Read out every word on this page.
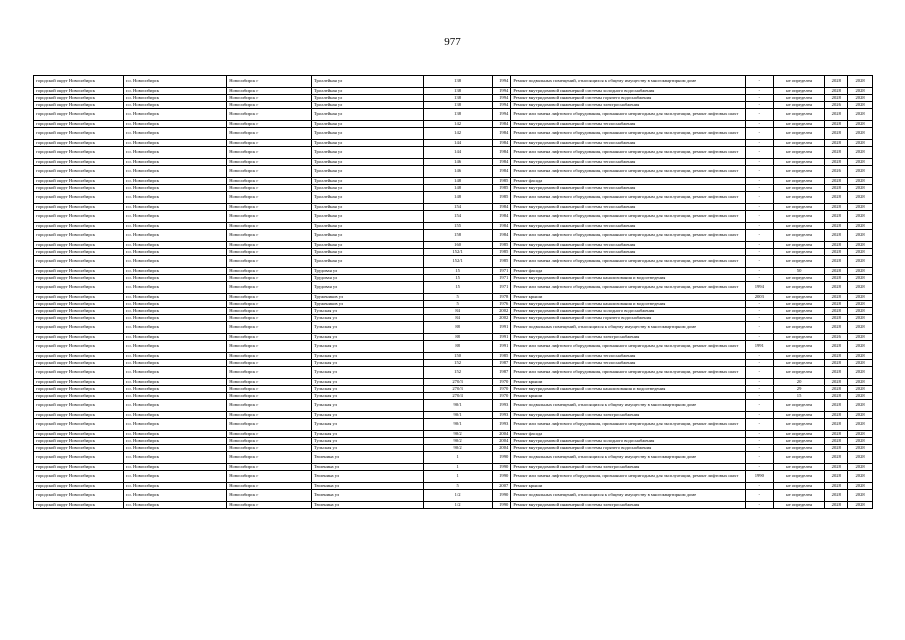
977
городской округ Новосибирск	г.о. Новосибирск	Новосибирск г	Троллейная ул	138	1994	Ремонт подвальных помещений, относящихся к общему имуществу в многоквартирном доме	-	не определен	2028	2028
городской округ Новосибирск	г.о. Новосибирск	Новосибирск г	Троллейная ул	138	1994	Ремонт внутридомовой инженерной системы холодного водоснабжения	-	не определен	2028	2028
городской округ Новосибирск	г.о. Новосибирск	Новосибирск г	Троллейная ул	138	1994	Ремонт внутридомовой инженерной системы горячего водоснабжения	-	не определен	2028	2028
городской округ Новосибирск	г.о. Новосибирск	Новосибирск г	Троллейная ул	138	1994	Ремонт внутридомовой инженерной системы электроснабжения	-	не определен	2026	2028
городской округ Новосибирск	г.о. Новосибирск	Новосибирск г	Троллейная ул	138	1994	Ремонт или замена лифтового оборудования, признанного непригодным для эксплуатации, ремонт лифтовых шахт	-	не определен	2028	2028
городской округ Новосибирск	г.о. Новосибирск	Новосибирск г	Троллейная ул	142	1984	Ремонт внутридомовой инженерной системы теплоснабжения	-	не определен	2028	2028
городской округ Новосибирск	г.о. Новосибирск	Новосибирск г	Троллейная ул	142	1984	Ремонт или замена лифтового оборудования, признанного непригодным для эксплуатации, ремонт лифтовых шахт	-	не определен	2028	2028
городской округ Новосибирск	г.о. Новосибирск	Новосибирск г	Троллейная ул	144	1984	Ремонт внутридомовой инженерной системы теплоснабжения	-	не определен	2028	2028
городской округ Новосибирск	г.о. Новосибирск	Новосибирск г	Троллейная ул	144	1984	Ремонт или замена лифтового оборудования, признанного непригодным для эксплуатации, ремонт лифтовых шахт	-	не определен	2028	2028
городской округ Новосибирск	г.о. Новосибирск	Новосибирск г	Троллейная ул	146	1984	Ремонт внутридомовой инженерной системы теплоснабжения	-	не определен	2028	2028
городской округ Новосибирск	г.о. Новосибирск	Новосибирск г	Троллейная ул	146	1984	Ремонт или замена лифтового оборудования, признанного непригодным для эксплуатации, ремонт лифтовых шахт	-	не определен	2026	2028
городской округ Новосибирск	г.о. Новосибирск	Новосибирск г	Троллейная ул	148	1985	Ремонт фасада	-	не определен	2028	2028
городской округ Новосибирск	г.о. Новосибирск	Новосибирск г	Троллейная ул	148	1985	Ремонт внутридомовой инженерной системы теплоснабжения	-	не определен	2028	2028
городской округ Новосибирск	г.о. Новосибирск	Новосибирск г	Троллейная ул	148	1985	Ремонт или замена лифтового оборудования, признанного непригодным для эксплуатации, ремонт лифтовых шахт	-	не определен	2028	2028
городской округ Новосибирск	г.о. Новосибирск	Новосибирск г	Троллейная ул	154	1984	Ремонт внутридомовой инженерной системы теплоснабжения	-	не определен	2028	2028
городской округ Новосибирск	г.о. Новосибирск	Новосибирск г	Троллейная ул	154	1984	Ремонт или замена лифтового оборудования, признанного непригодным для эксплуатации, ремонт лифтовых шахт	-	не определен	2028	2028
городской округ Новосибирск	г.о. Новосибирск	Новосибирск г	Троллейная ул	155	1984	Ремонт внутридомовой инженерной системы теплоснабжения	-	не определен	2028	2028
городской округ Новосибирск	г.о. Новосибирск	Новосибирск г	Троллейная ул	158	1984	Ремонт или замена лифтового оборудования, признанного непригодным для эксплуатации, ремонт лифтовых шахт	-	не определен	2028	2028
городской округ Новосибирск	г.о. Новосибирск	Новосибирск г	Троллейная ул	160	1985	Ремонт внутридомовой инженерной системы теплоснабжения	-	не определен	2028	2028
городской округ Новосибирск	г.о. Новосибирск	Новосибирск г	Троллейная ул	152/1	1985	Ремонт внутридомовой инженерной системы теплоснабжения	-	не определен	2028	2028
городской округ Новосибирск	г.о. Новосибирск	Новосибирск г	Троллейная ул	152/1	1985	Ремонт или замена лифтового оборудования, признанного непригодным для эксплуатации, ремонт лифтовых шахт	-	не определен	2028	2028
городской округ Новосибирск	г.о. Новосибирск	Новосибирск г	Трудовая ул	15	1971	Ремонт фасада	-	50	2028	2028
городской округ Новосибирск	г.о. Новосибирск	Новосибирск г	Трудовая ул	15	1971	Ремонт внутридомовой инженерной системы канализования и водоотведения	-	не определен	2028	2028
городской округ Новосибирск	г.о. Новосибирск	Новосибирск г	Трудовая ул	15	1971	Ремонт или замена лифтового оборудования, признанного непригодным для эксплуатации, ремонт лифтовых шахт	1994	не определен	2028	2028
городской округ Новосибирск	г.о. Новосибирск	Новосибирск г	Тружеников ул	5	1978	Ремонт крыши	2003	не определен	2028	2028
городской округ Новосибирск	г.о. Новосибирск	Новосибирск г	Тружеников ул	5	1976	Ремонт внутридомовой инженерной системы канализования и водоотведения	-	не определен	2028	2028
городской округ Новосибирск	г.о. Новосибирск	Новосибирск г	Тульская ул	84	2002	Ремонт внутридомовой инженерной системы холодного водоснабжения	-	не определен	2028	2028
городской округ Новосибирск	г.о. Новосибирск	Новосибирск г	Тульская ул	84	2002	Ремонт внутридомовой инженерной системы горячего водоснабжения	-	не определен	2028	2028
городской округ Новосибирск	г.о. Новосибирск	Новосибирск г	Тульская ул	88	1991	Ремонт подвальных помещений, относящихся к общему имуществу в многоквартирном доме	-	не определен	2028	2028
городской округ Новосибирск	г.о. Новосибирск	Новосибирск г	Тульская ул	88	1991	Ремонт внутридомовой инженерной системы электроснабжения	-	не определен	2026	2028
городской округ Новосибирск	г.о. Новосибирск	Новосибирск г	Тульская ул	88	1991	Ремонт или замена лифтового оборудования, признанного непригодным для эксплуатации, ремонт лифтовых шахт	1991	не определен	2028	2028
городской округ Новосибирск	г.о. Новосибирск	Новосибирск г	Тульская ул	150	1985	Ремонт внутридомовой инженерной системы теплоснабжения	-	не определен	2028	2028
городской округ Новосибирск	г.о. Новосибирск	Новосибирск г	Тульская ул	152	1987	Ремонт внутридомовой инженерной системы теплоснабжения	-	не определен	2028	2028
городской округ Новосибирск	г.о. Новосибирск	Новосибирск г	Тульская ул	152	1987	Ремонт или замена лифтового оборудования, признанного непригодным для эксплуатации, ремонт лифтовых шахт	-	не определен	2028	2028
городской округ Новосибирск	г.о. Новосибирск	Новосибирск г	Тульская ул	270/3	1970	Ремонт крыши	-	20	2028	2028
городской округ Новосибирск	г.о. Новосибирск	Новосибирск г	Тульская ул	270/3	1970	Ремонт внутридомовой инженерной системы канализования и водоотведения	-	29	2028	2028
городской округ Новосибирск	г.о. Новосибирск	Новосибирск г	Тульская ул	270/4	1970	Ремонт крыши	-	15	2028	2028
городской округ Новосибирск	г.о. Новосибирск	Новосибирск г	Тульская ул	90/1	1993	Ремонт подвальных помещений, относящихся к общему имуществу в многоквартирном доме	-	не определен	2028	2028
городской округ Новосибирск	г.о. Новосибирск	Новосибирск г	Тульская ул	90/1	1993	Ремонт внутридомовой инженерной системы электроснабжения	-	не определен	2028	2028
городской округ Новосибирск	г.о. Новосибирск	Новосибирск г	Тульская ул	90/1	1993	Ремонт или замена лифтового оборудования, признанного непригодным для эксплуатации, ремонт лифтовых шахт	-	не определен	2028	2028
городской округ Новосибирск	г.о. Новосибирск	Новосибирск г	Тульская ул	90/2	2004	Ремонт фасада	-	не определен	2028	2028
городской округ Новосибирск	г.о. Новосибирск	Новосибирск г	Тульская ул	90/2	2004	Ремонт внутридомовой инженерной системы холодного водоснабжения	-	не определен	2028	2028
городской округ Новосибирск	г.о. Новосибирск	Новосибирск г	Тульская ул	90/2	2004	Ремонт внутридомовой инженерной системы горячего водоснабжения	-	не определен	2028	2028
городской округ Новосибирск	г.о. Новосибирск	Новосибирск г	Тюленина ул	1	1990	Ремонт подвальных помещений, относящихся к общему имуществу в многоквартирном доме	-	не определен	2028	2028
городской округ Новосибирск	г.о. Новосибирск	Новосибирск г	Тюленина ул	1	1990	Ремонт внутридомовой инженерной системы электроснабжения	-	не определен	2028	2028
городской округ Новосибирск	г.о. Новосибирск	Новосибирск г	Тюленина ул	1	1990	Ремонт или замена лифтового оборудования, признанного непригодным для эксплуатации, ремонт лифтовых шахт	1990	не определен	2028	2028
городской округ Новосибирск	г.о. Новосибирск	Новосибирск г	Тюленина ул	5	2007	Ремонт крыши	-	не определен	2028	2028
городской округ Новосибирск	г.о. Новосибирск	Новосибирск г	Тюленина ул	1/2	1990	Ремонт подвальных помещений, относящихся к общему имуществу в многоквартирном доме	-	не определен	2028	2028
городской округ Новосибирск	г.о. Новосибирск	Новосибирск г	Тюленина ул	1/2	1990	Ремонт внутридомовой инженерной системы электроснабжения	-	не определен	2028	2028
